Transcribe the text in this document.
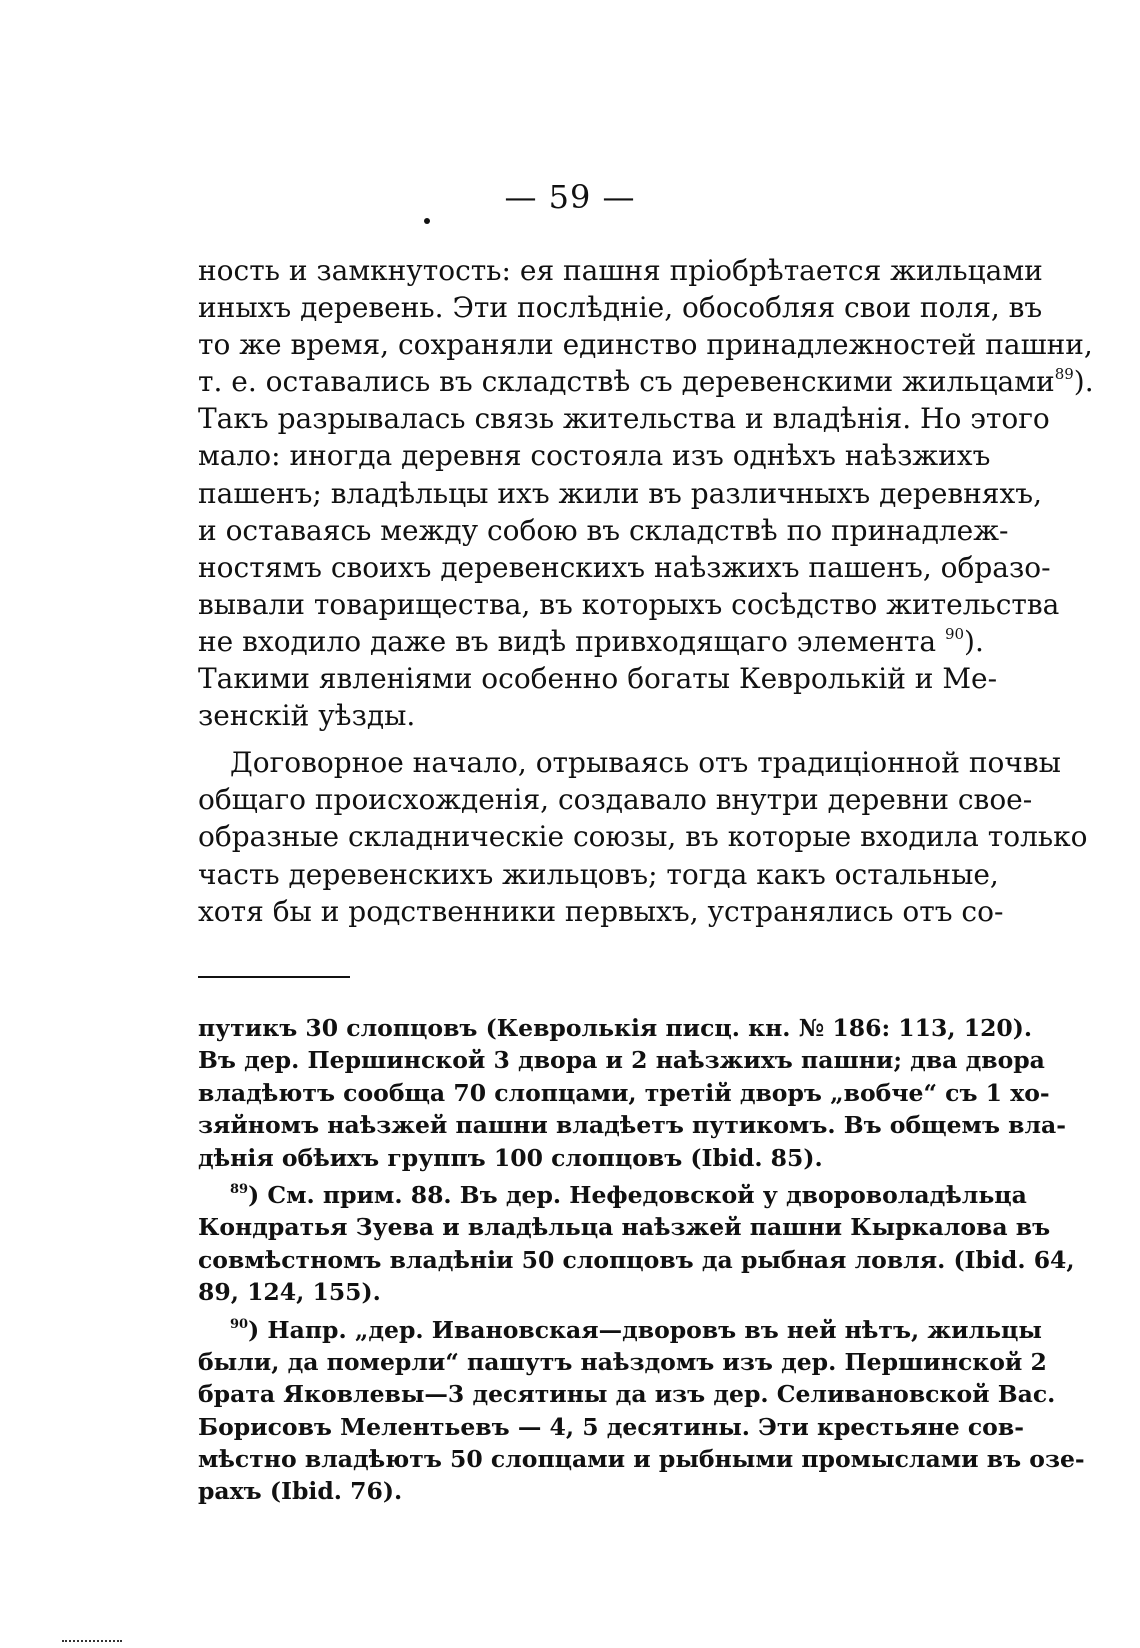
— 59 —
ность и замкнутость: ея пашня пріобрѣтается жильцами
иныхъ деревень. Эти послѣдніе, обособляя свои поля, въ
то же время, сохраняли единство принадлежностей пашни,
т. е. оставались въ складствѣ съ деревенскими жильцами$^{89}$).
Такъ разрывалась связь жительства и владѣнія. Но этого
мало: иногда деревня состояла изъ однѣхъ наѣзжихъ
пашенъ; владѣльцы ихъ жили въ различныхъ деревняхъ,
и оставаясь между собою въ складствѣ по принадлеж-
ностямъ своихъ деревенскихъ наѣзжихъ пашенъ, образо-
вывали товарищества, въ которыхъ сосѣдство жительства
не входило даже въ видѣ привходящаго элемента $^{90}$).
Такими явленіями особенно богаты Кевролькій и Ме-
зенскій уѣзды.
Договорное начало, отрываясь отъ традиціонной почвы
общаго происхожденія, создавало внутри деревни свое-
образные складническіе союзы, въ которые входила только
часть деревенскихъ жильцовъ; тогда какъ остальные,
хотя бы и родственники первыхъ, устранялись отъ со-
путикъ 30 слопцовъ (Кевролькія писц. кн. № 186: 113, 120).
Въ дер. Першинской 3 двора и 2 наѣзжихъ пашни; два двора
владѣютъ сообща 70 слопцами, третій дворъ „вобче“ съ 1 хо-
зяйномъ наѣзжей пашни владѣетъ путикомъ. Въ общемъ вла-
дѣнія обѣихъ группъ 100 слопцовъ (Ibid. 85).
$^{89}$) См. прим. 88. Въ дер. Нефедовской у двороволадѣльца
Кондратья Зуева и владѣльца наѣзжей пашни Кыркалова въ
совмѣстномъ владѣніи 50 слопцовъ да рыбная ловля. (Ibid. 64,
89, 124, 155).
$^{90}$) Напр. „дер. Ивановская—дворовъ въ ней нѣтъ, жильцы
были, да померли“ пашутъ наѣздомъ изъ дер. Першинской 2
брата Яковлевы—3 десятины да изъ дер. Селивановской Вас.
Борисовъ Мелентьевъ — 4, 5 десятины. Эти крестьяне сов-
мѣстно владѣютъ 50 слопцами и рыбными промыслами въ озе-
рахъ (Ibid. 76).
